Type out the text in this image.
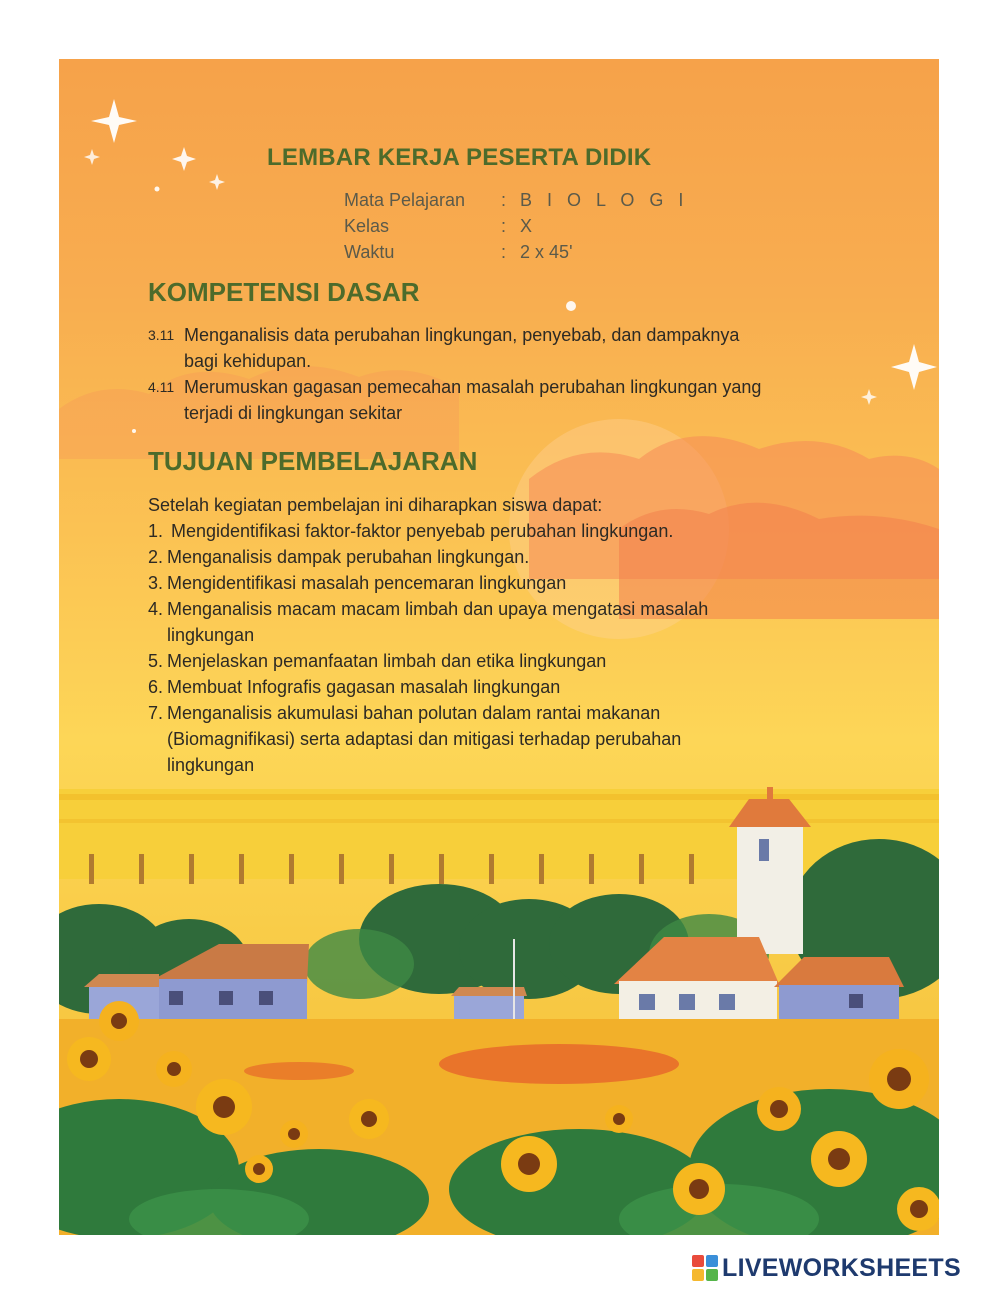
LEMBAR KERJA PESERTA DIDIK
Mata Pelajaran : B I O L O G I
Kelas	: X
Waktu	: 2 x 45'
KOMPETENSI DASAR
3.11 Menganalisis data perubahan lingkungan, penyebab, dan dampaknya
bagi kehidupan.
4.11 Merumuskan gagasan pemecahan masalah perubahan lingkungan yang
terjadi di lingkungan sekitar
TUJUAN PEMBELAJARAN
Setelah kegiatan pembelajan ini diharapkan siswa dapat:
1. Mengidentifikasi faktor-faktor penyebab perubahan lingkungan.
2. Menganalisis dampak perubahan lingkungan.
3. Mengidentifikasi masalah pencemaran lingkungan
4. Menganalisis macam macam limbah dan upaya mengatasi masalah
lingkungan
5. Menjelaskan pemanfaatan limbah dan etika lingkungan
6. Membuat Infografis gagasan masalah lingkungan
7. Menganalisis akumulasi bahan polutan dalam rantai makanan
(Biomagnifikasi) serta adaptasi dan mitigasi terhadap perubahan
lingkungan
LIVEWORKSHEETS
